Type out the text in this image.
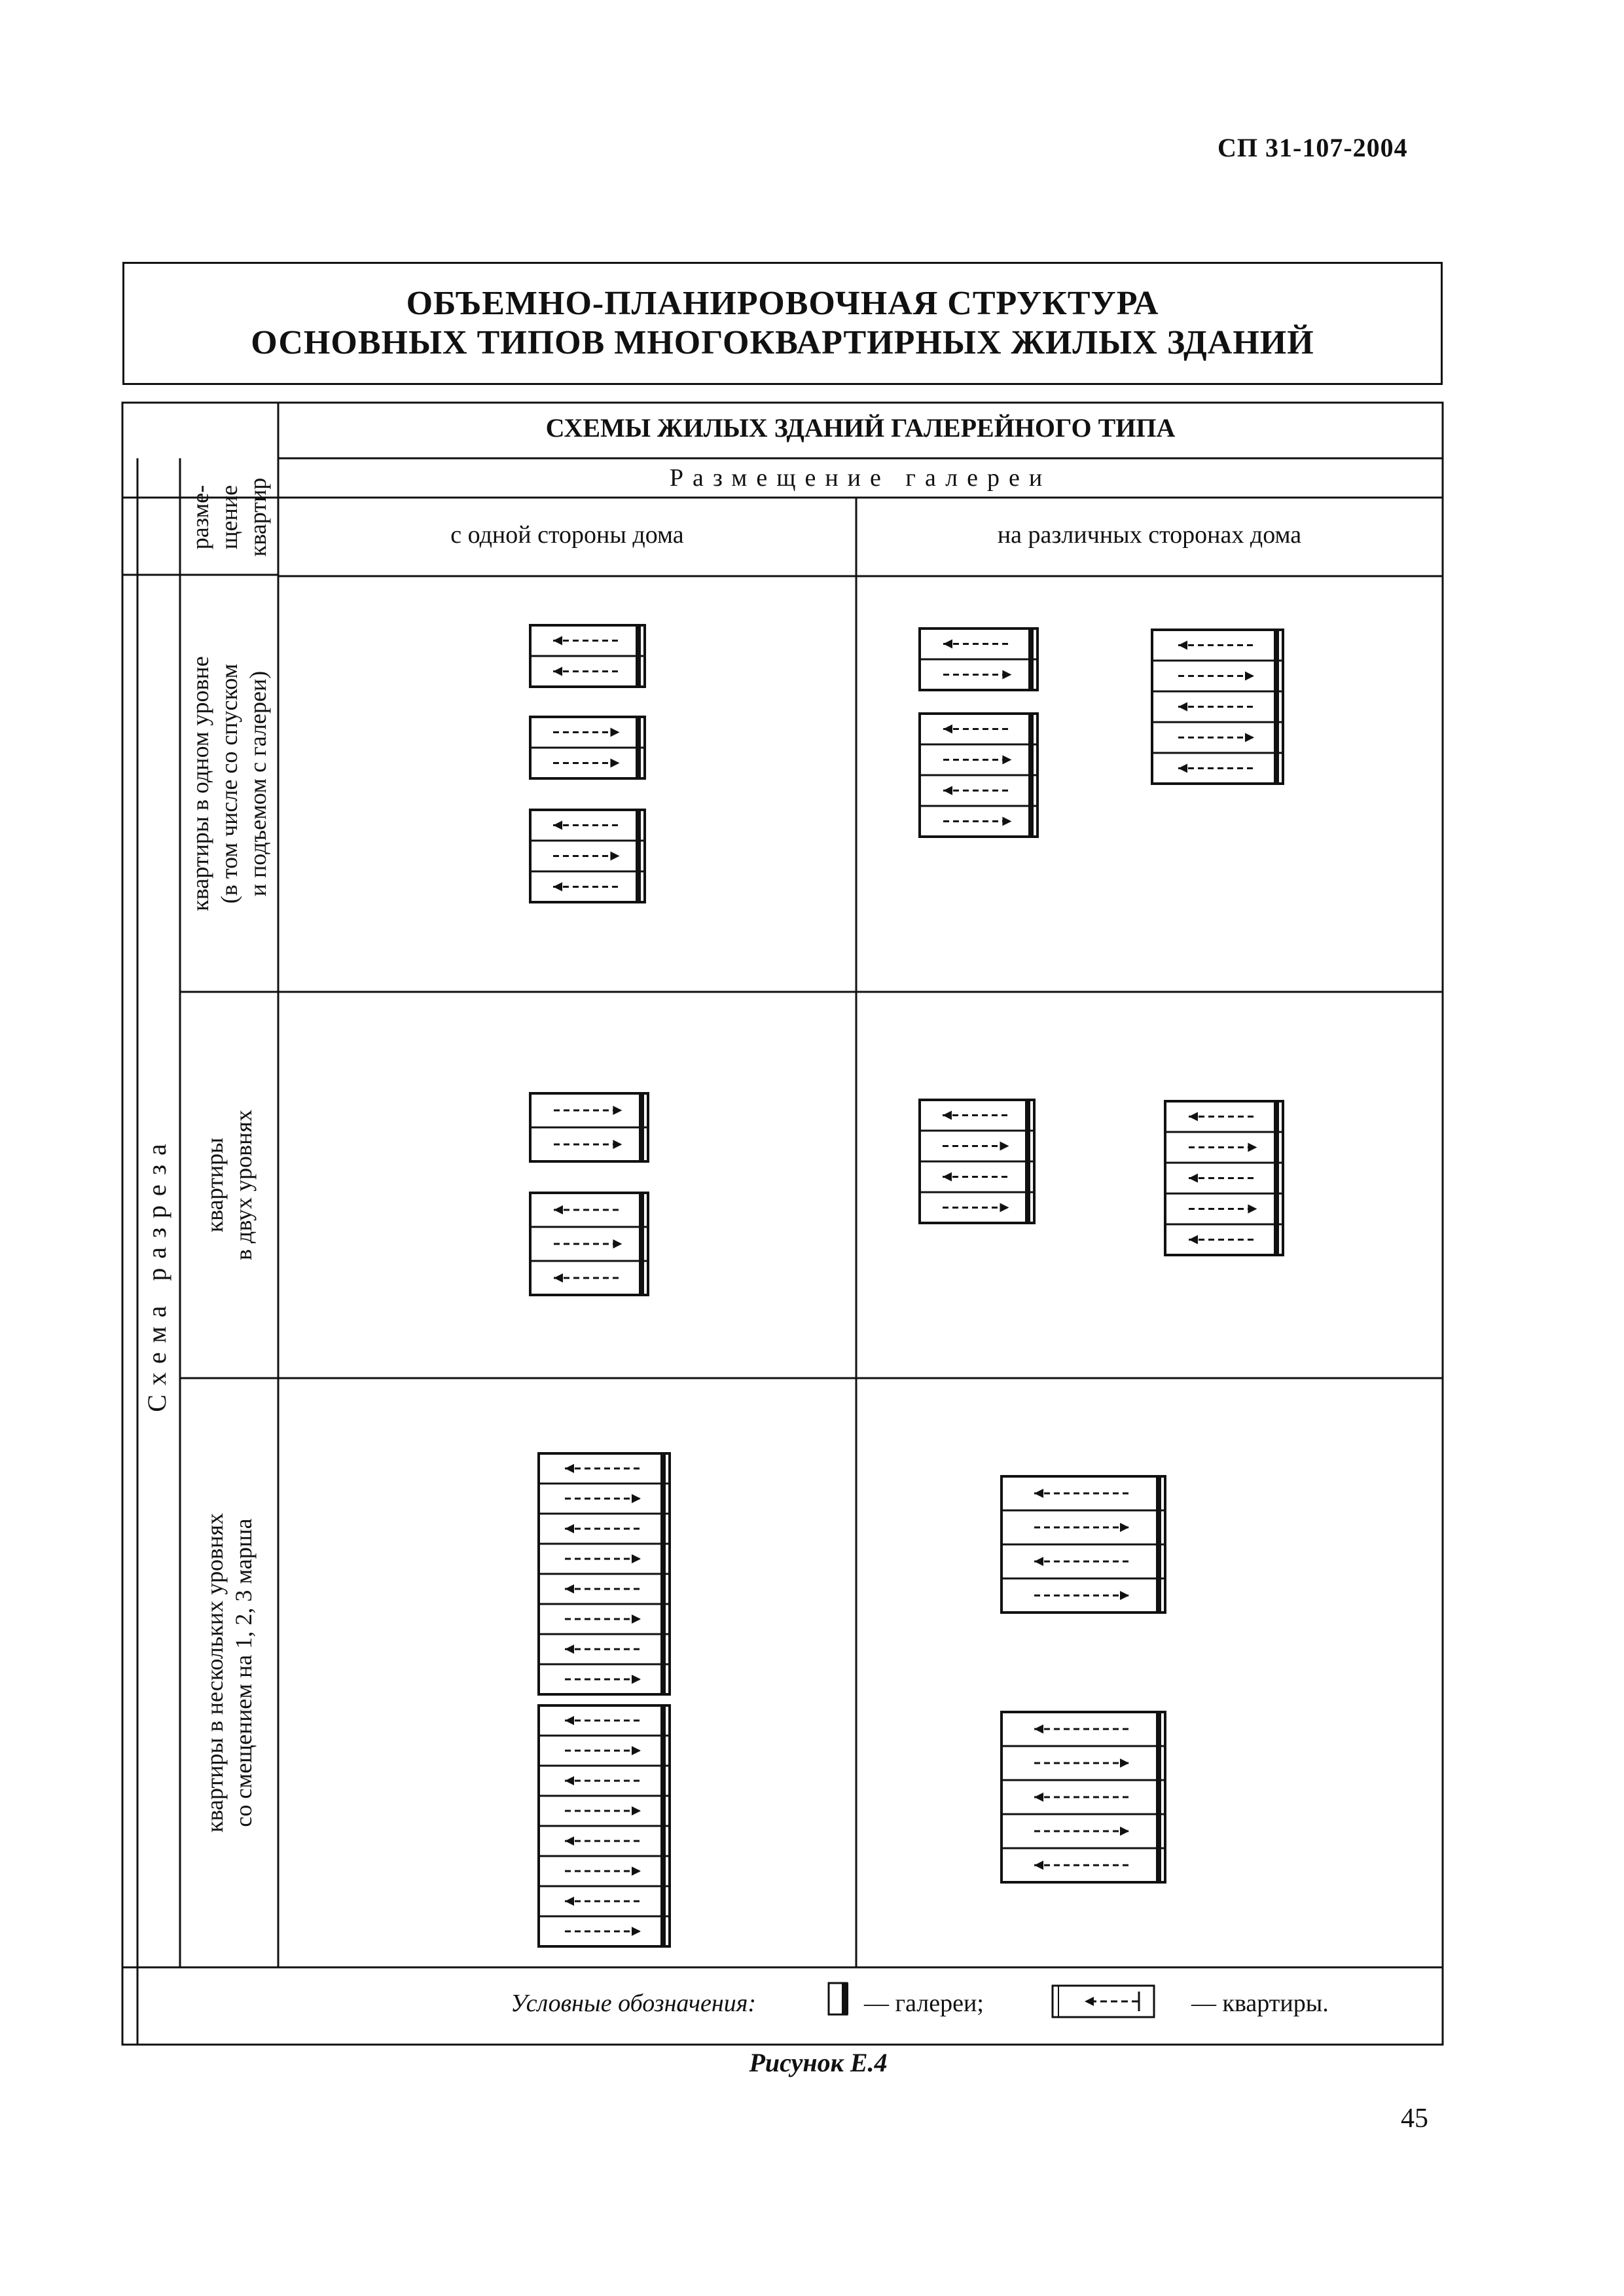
СП 31-107-2004
ОБЪЕМНО-ПЛАНИРОВОЧНАЯ СТРУКТУРА
ОСНОВНЫХ ТИПОВ МНОГОКВАРТИРНЫХ ЖИЛЫХ ЗДАНИЙ
СХЕМЫ ЖИЛЫХ ЗДАНИЙ ГАЛЕРЕЙНОГО ТИПА
Размещение галереи
с одной стороны дома	на различных сторонах дома
разме- щение квартир
Схема разреза
квартиры в одном уровне (в том числе со спуском и подъемом с галереи)
квартиры в двух уровнях
квартиры в нескольких уровнях со смещением на 1, 2, 3 марша
Условные обозначения:	— галереи;	— квартиры.
Рисунок Е.4
45
